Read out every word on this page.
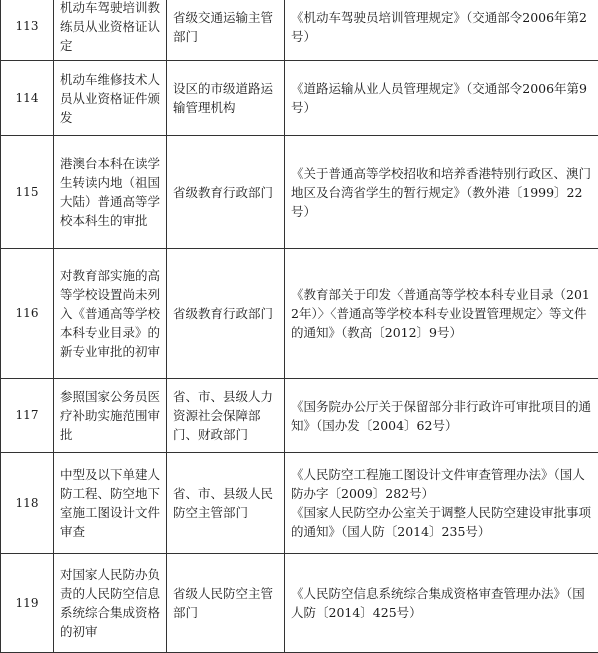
113	机动车驾驶培训教练员从业资格证认定	省级交通运输主管部门	《机动车驾驶员培训管理规定》（交通部令2006年第2号）

114	机动车维修技术人员从业资格证件颁发	设区的市级道路运输管理机构	《道路运输从业人员管理规定》（交通部令2006年第9号）

115	港澳台本科在读学生转读内地（祖国大陆）普通高等学校本科生的审批	省级教育行政部门	《关于普通高等学校招收和培养香港特别行政区、澳门地区及台湾省学生的暂行规定》（教外港〔1999〕22号）

116	对教育部实施的高等学校设置尚未列入《普通高等学校本科专业目录》的新专业审批的初审	省级教育行政部门	《教育部关于印发〈普通高等学校本科专业目录（2012年）〉〈普通高等学校本科专业设置管理规定〉等文件的通知》（教高〔2012〕9号）

117	参照国家公务员医疗补助实施范围审批	省、市、县级人力资源社会保障部门、财政部门	《国务院办公厅关于保留部分非行政许可审批项目的通知》（国办发〔2004〕62号）

118	中型及以下单建人防工程、防空地下室施工图设计文件审查	省、市、县级人民防空主管部门	《人民防空工程施工图设计文件审查管理办法》（国人防办字〔2009〕282号）
《国家人民防空办公室关于调整人民防空建设审批事项的通知》（国人防〔2014〕235号）

119	对国家人民防办负责的人民防空信息系统综合集成资格的初审	省级人民防空主管部门	《人民防空信息系统综合集成资格审查管理办法》（国人防〔2014〕425号）
